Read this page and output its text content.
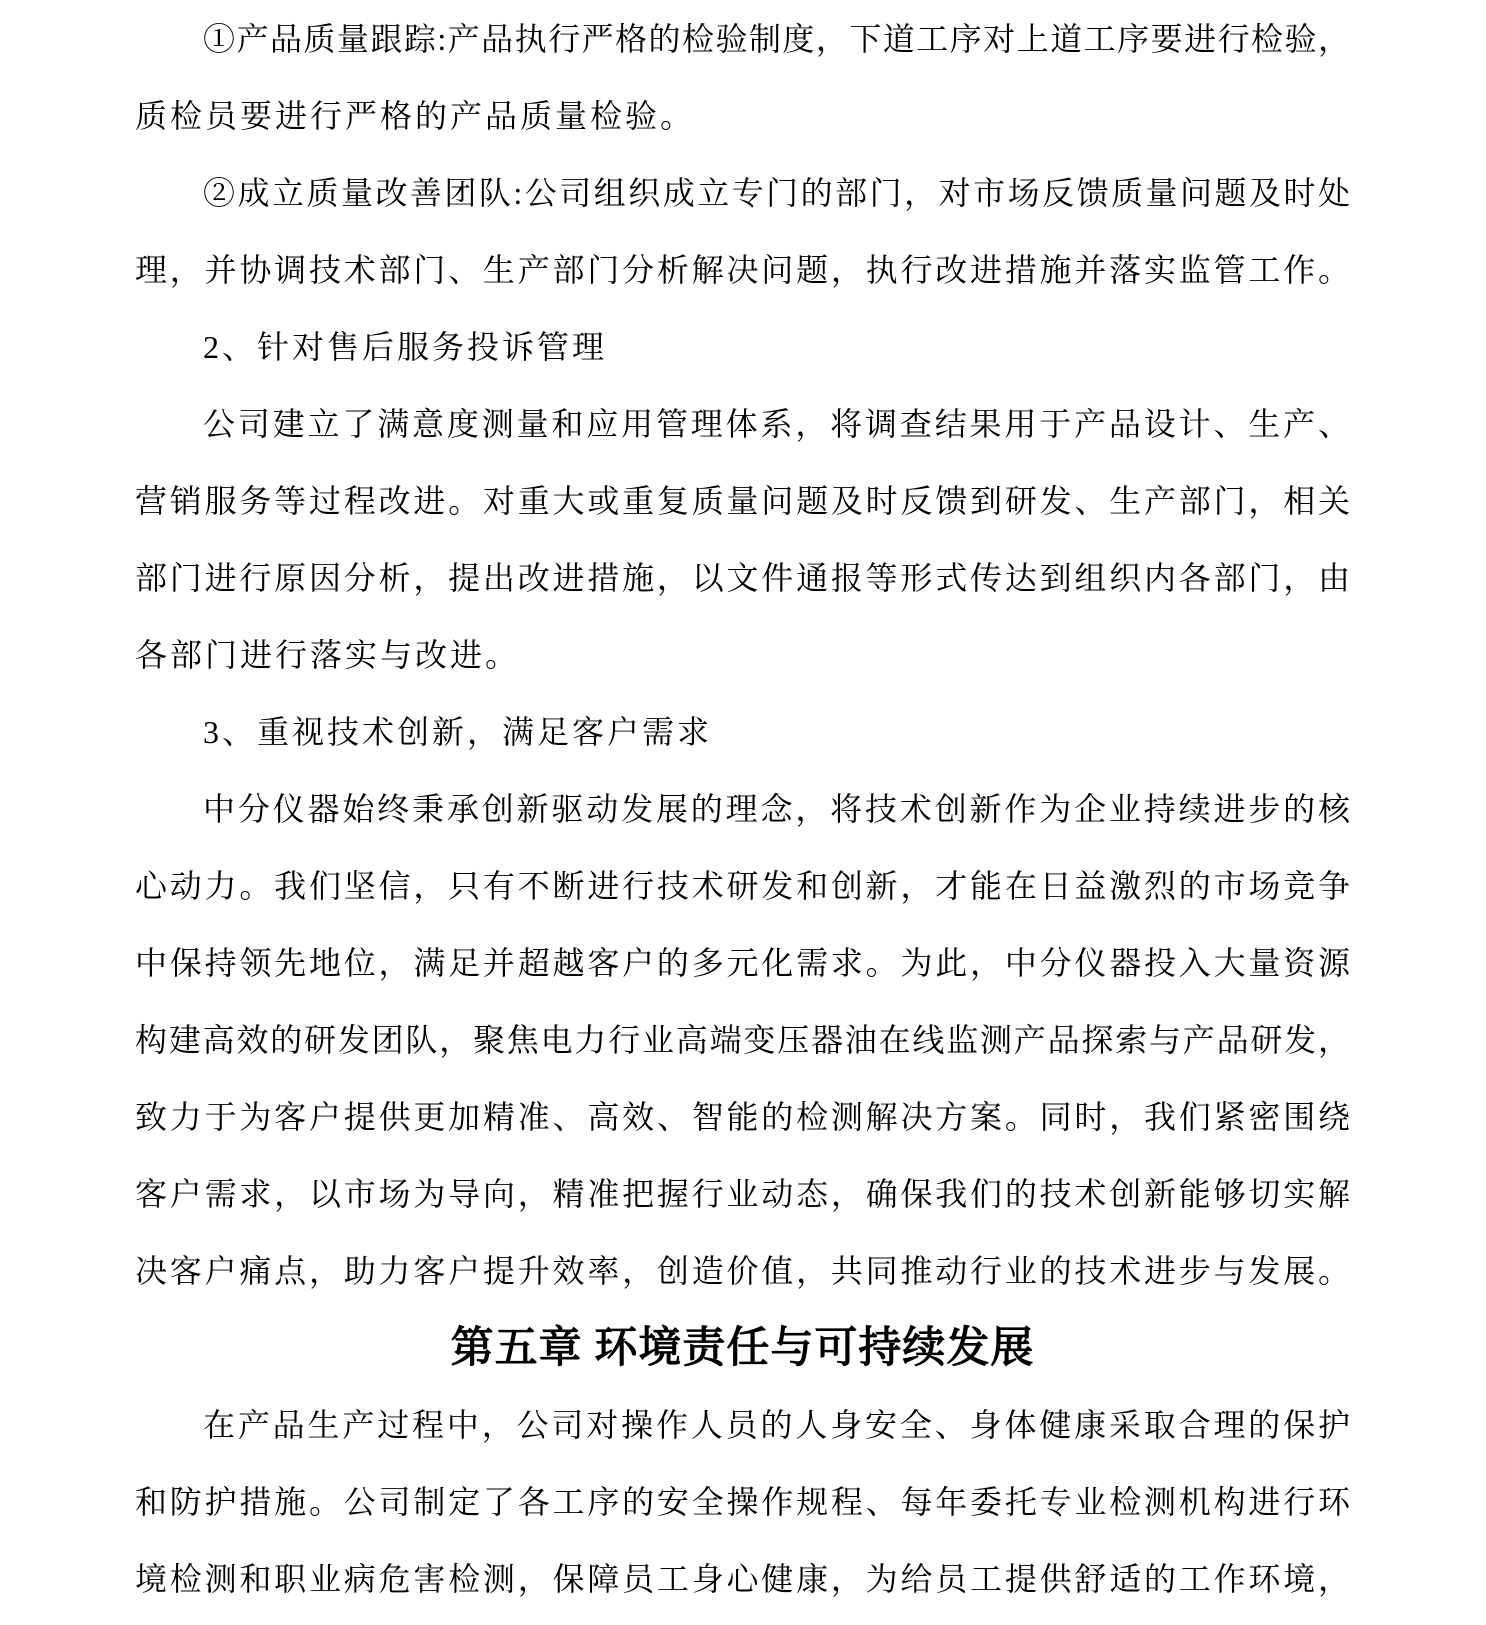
①产品质量跟踪:产品执行严格的检验制度，下道工序对上道工序要进行检验，
质检员要进行严格的产品质量检验。
②成立质量改善团队:公司组织成立专门的部门，对市场反馈质量问题及时处
理，并协调技术部门、生产部门分析解决问题，执行改进措施并落实监管工作。
2、针对售后服务投诉管理
公司建立了满意度测量和应用管理体系，将调查结果用于产品设计、生产、
营销服务等过程改进。对重大或重复质量问题及时反馈到研发、生产部门，相关
部门进行原因分析，提出改进措施，以文件通报等形式传达到组织内各部门，由
各部门进行落实与改进。
3、重视技术创新，满足客户需求
中分仪器始终秉承创新驱动发展的理念，将技术创新作为企业持续进步的核
心动力。我们坚信，只有不断进行技术研发和创新，才能在日益激烈的市场竞争
中保持领先地位，满足并超越客户的多元化需求。为此，中分仪器投入大量资源
构建高效的研发团队，聚焦电力行业高端变压器油在线监测产品探索与产品研发，
致力于为客户提供更加精准、高效、智能的检测解决方案。同时，我们紧密围绕
客户需求，以市场为导向，精准把握行业动态，确保我们的技术创新能够切实解
决客户痛点，助力客户提升效率，创造价值，共同推动行业的技术进步与发展。
第五章 环境责任与可持续发展
在产品生产过程中，公司对操作人员的人身安全、身体健康采取合理的保护
和防护措施。公司制定了各工序的安全操作规程、每年委托专业检测机构进行环
境检测和职业病危害检测，保障员工身心健康，为给员工提供舒适的工作环境，
